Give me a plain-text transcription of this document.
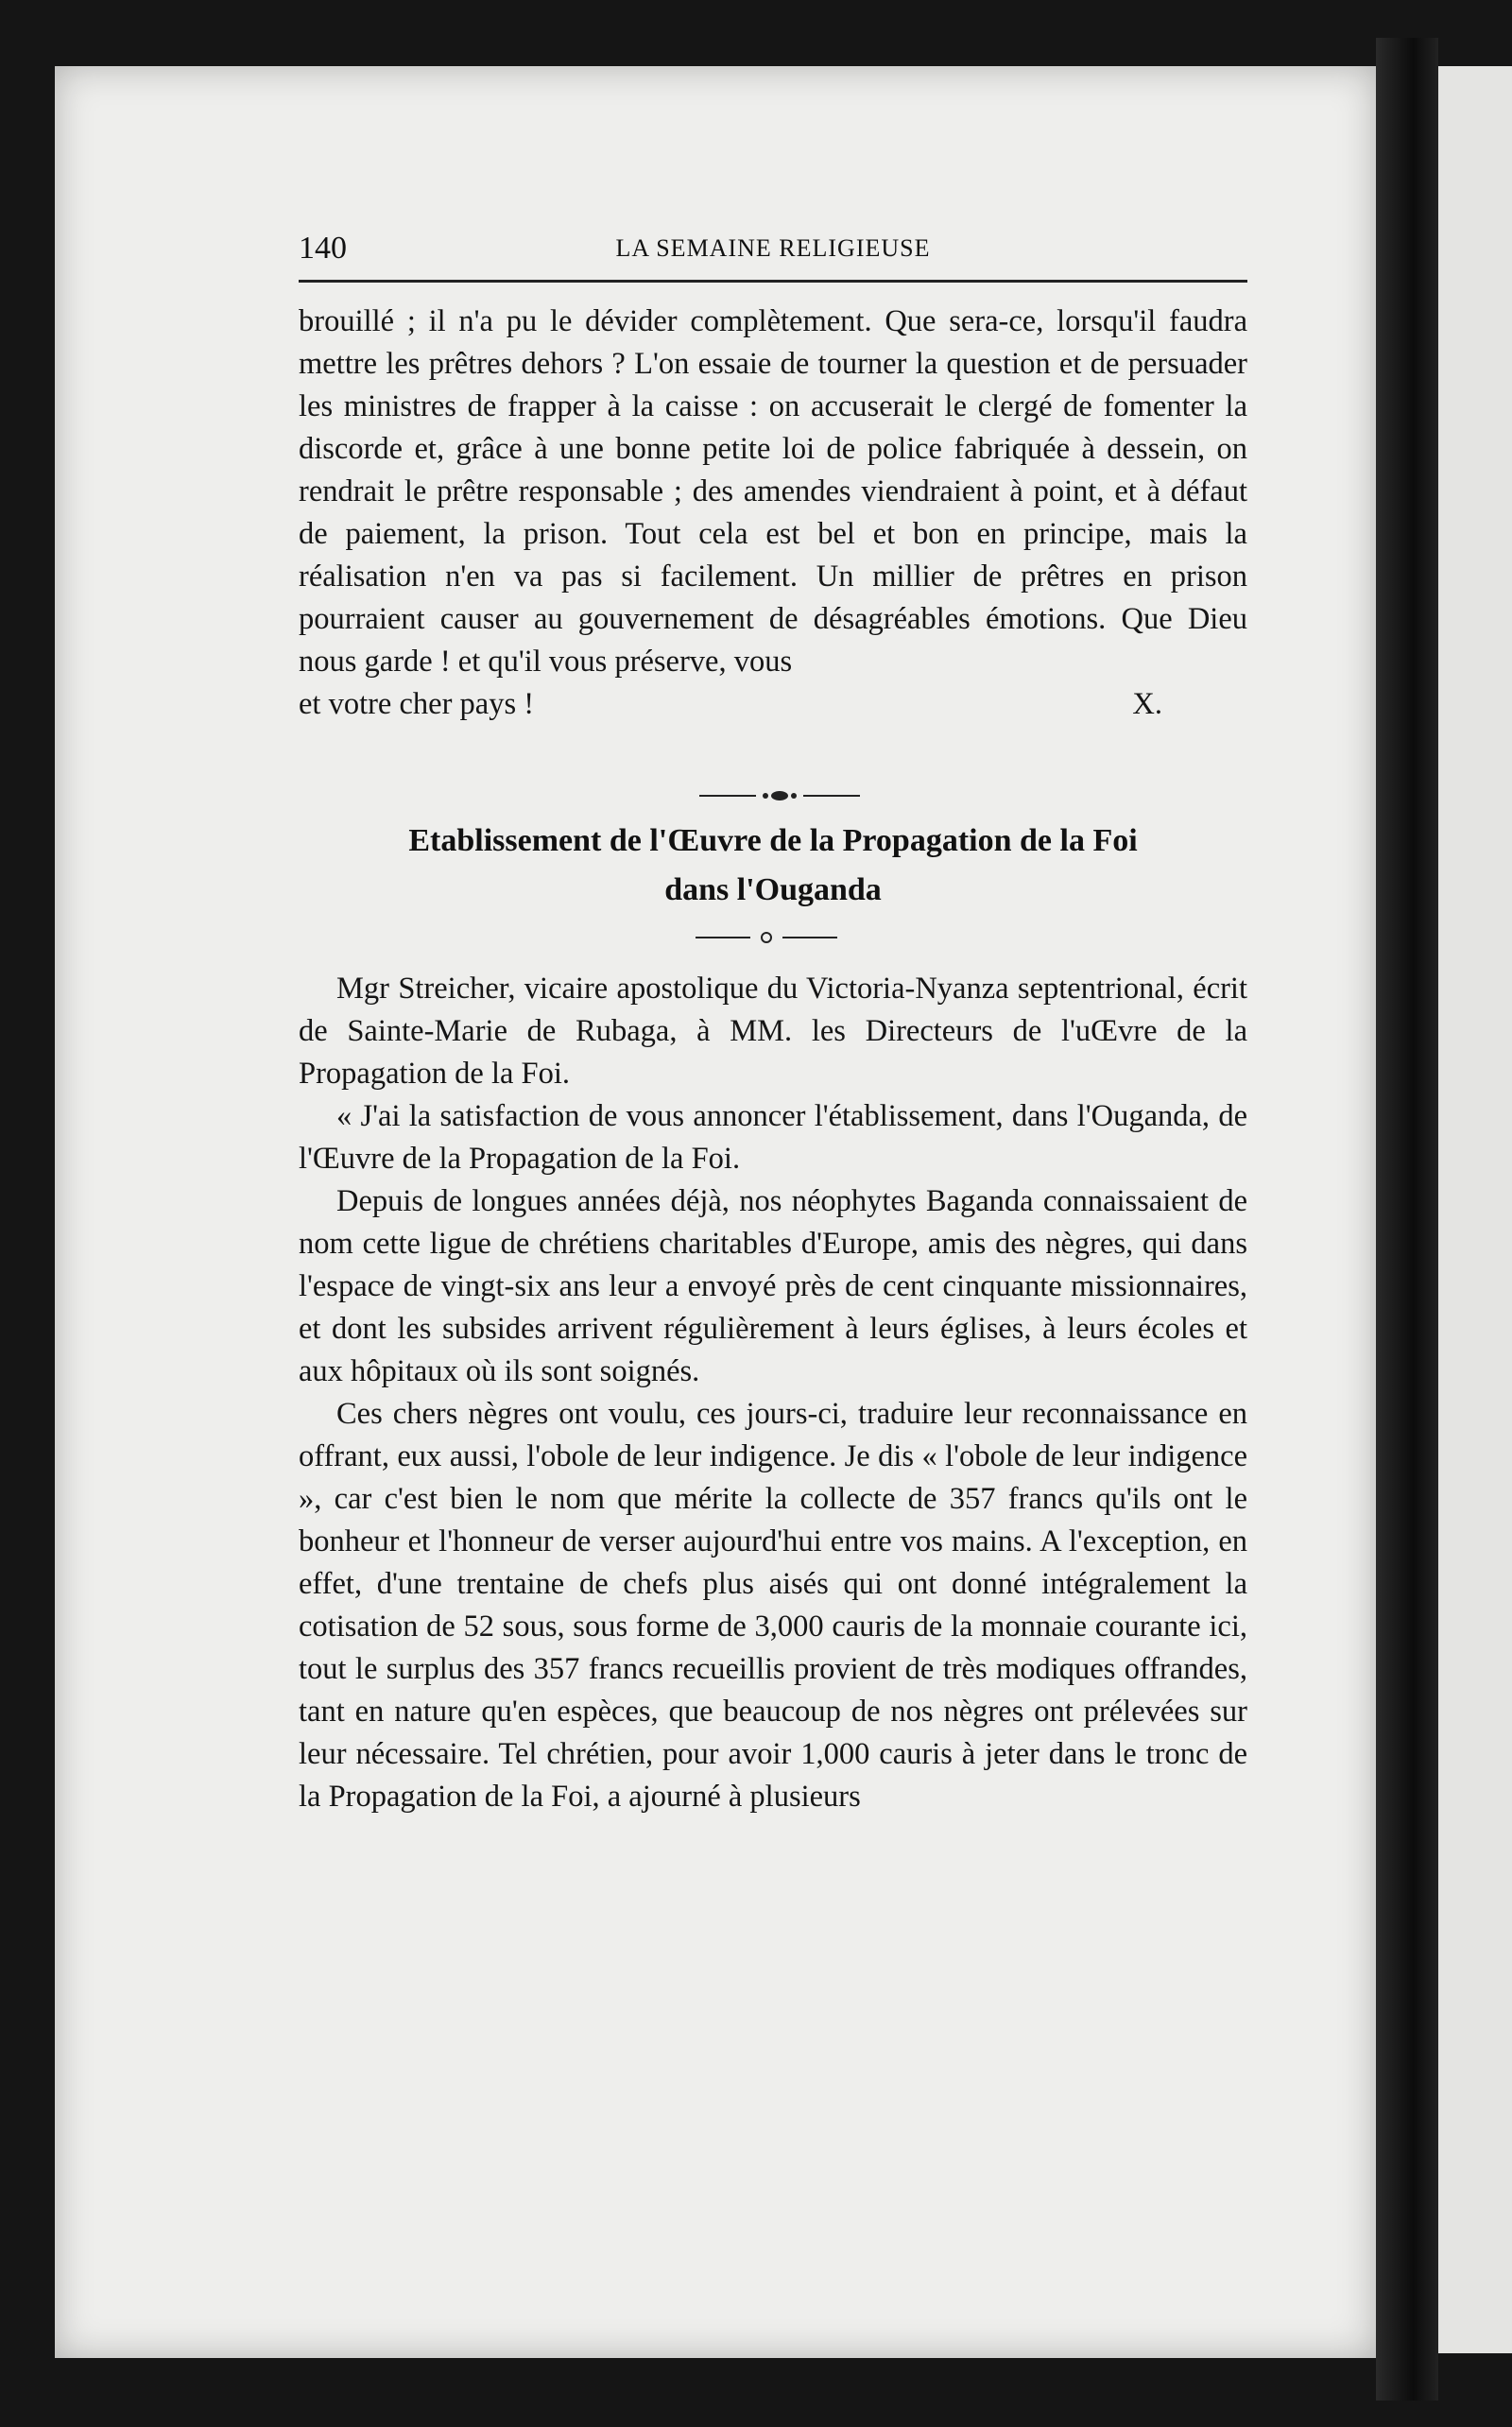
140	LA SEMAINE RELIGIEUSE

brouillé ; il n'a pu le dévider complètement. Que sera-ce, lorsqu'il faudra mettre les prêtres dehors ? L'on essaie de tourner la question et de persuader les ministres de frapper à la caisse : on accuserait le clergé de fomenter la discorde et, grâce à une bonne petite loi de police fabriquée à dessein, on rendrait le prêtre responsable ; des amendes viendraient à point, et à défaut de paiement, la prison. Tout cela est bel et bon en principe, mais la réalisation n'en va pas si facilement. Un millier de prêtres en prison pourraient causer au gouvernement de désagréables émotions. Que Dieu nous garde ! et qu'il vous préserve, vous

et votre cher pays !	X.
Etablissement de l'Œuvre de la Propagation de la Foi
dans l'Ouganda

Mgr Streicher, vicaire apostolique du Victoria-Nyanza septentrional, écrit de Sainte-Marie de Rubaga, à MM. les Directeurs de l'uŒvre de la Propagation de la Foi.

« J'ai la satisfaction de vous annoncer l'établissement, dans l'Ouganda, de l'Œuvre de la Propagation de la Foi.

Depuis de longues années déjà, nos néophytes Baganda connaissaient de nom cette ligue de chrétiens charitables d'Europe, amis des nègres, qui dans l'espace de vingt-six ans leur a envoyé près de cent cinquante missionnaires, et dont les subsides arrivent régulièrement à leurs églises, à leurs écoles et aux hôpitaux où ils sont soignés.

Ces chers nègres ont voulu, ces jours-ci, traduire leur reconnaissance en offrant, eux aussi, l'obole de leur indigence. Je dis « l'obole de leur indigence », car c'est bien le nom que mérite la collecte de 357 francs qu'ils ont le bonheur et l'honneur de verser aujourd'hui entre vos mains. A l'exception, en effet, d'une trentaine de chefs plus aisés qui ont donné intégralement la cotisation de 52 sous, sous forme de 3,000 cauris de la monnaie courante ici, tout le surplus des 357 francs recueillis provient de très modiques offrandes, tant en nature qu'en espèces, que beaucoup de nos nègres ont prélevées sur leur nécessaire. Tel chrétien, pour avoir 1,000 cauris à jeter dans le tronc de la Propagation de la Foi, a ajourné à plusieurs
